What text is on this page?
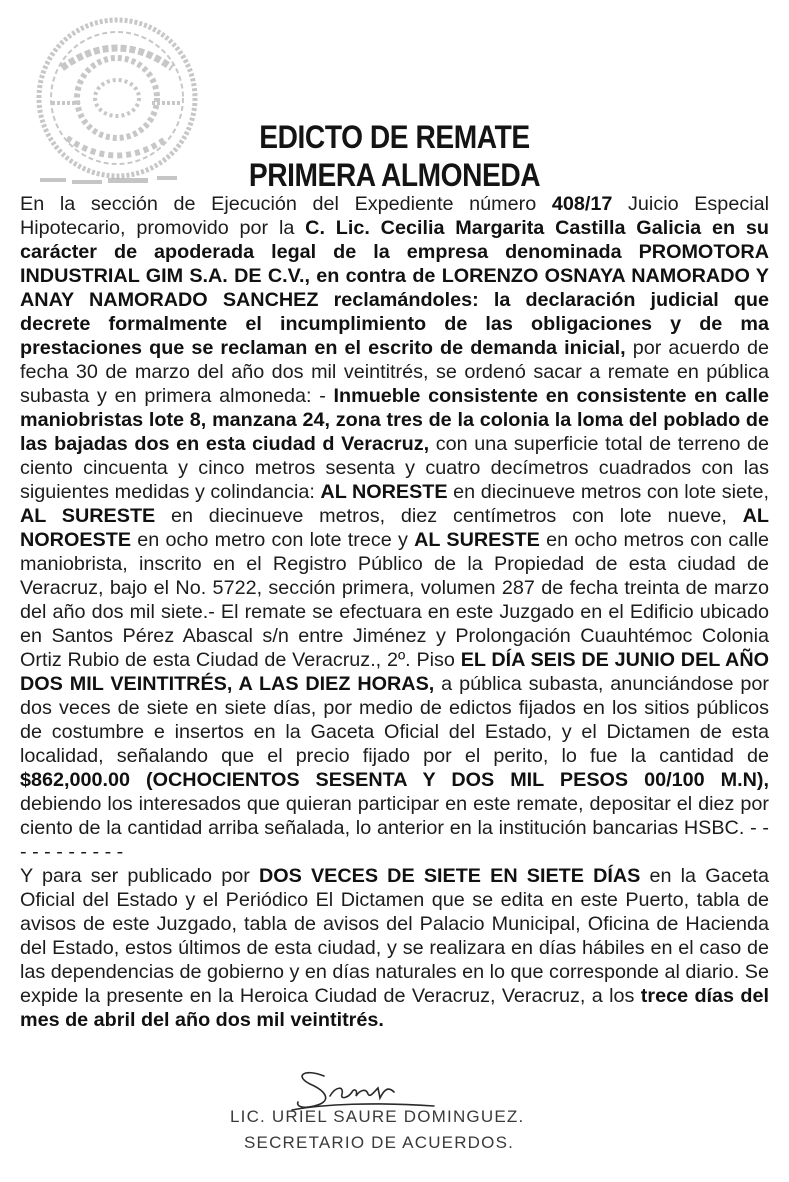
EDICTO DE REMATE
PRIMERA ALMONEDA

En la sección de Ejecución del Expediente número 408/17 Juicio Especial Hipotecario, promovido por la C. Lic. Cecilia Margarita Castilla Galicia en su carácter de apoderada legal de la empresa denominada PROMOTORA INDUSTRIAL GIM S.A. DE C.V., en contra de LORENZO OSNAYA NAMORADO Y ANAY NAMORADO SANCHEZ reclamándoles: la declaración judicial que decrete formalmente el incumplimiento de las obligaciones y de ma prestaciones que se reclaman en el escrito de demanda inicial, por acuerdo de fecha 30 de marzo del año dos mil veintitrés, se ordenó sacar a remate en pública subasta y en primera almoneda: - Inmueble consistente en consistente en calle maniobristas lote 8, manzana 24, zona tres de la colonia la loma del poblado de las bajadas dos en esta ciudad d Veracruz, con una superficie total de terreno de ciento cincuenta y cinco metros sesenta y cuatro decímetros cuadrados con las siguientes medidas y colindancia: AL NORESTE en diecinueve metros con lote siete, AL SURESTE en diecinueve metros, diez centímetros con lote nueve, AL NOROESTE en ocho metro con lote trece y AL SURESTE en ocho metros con calle maniobrista, inscrito en el Registro Público de la Propiedad de esta ciudad de Veracruz, bajo el No. 5722, sección primera, volumen 287 de fecha treinta de marzo del año dos mil siete.- El remate se efectuara en este Juzgado en el Edificio ubicado en Santos Pérez Abascal s/n entre Jiménez y Prolongación Cuauhtémoc Colonia Ortiz Rubio de esta Ciudad de Veracruz., 2º. Piso EL DÍA SEIS DE JUNIO DEL AÑO DOS MIL VEINTITRÉS, A LAS DIEZ HORAS, a pública subasta, anunciándose por dos veces de siete en siete días, por medio de edictos fijados en los sitios públicos de costumbre e insertos en la Gaceta Oficial del Estado, y el Dictamen de esta localidad, señalando que el precio fijado por el perito, lo fue la cantidad de $862,000.00 (OCHOCIENTOS SESENTA Y DOS MIL PESOS 00/100 M.N), debiendo los interesados que quieran participar en este remate, depositar el diez por ciento de la cantidad arriba señalada, lo anterior en la institución bancarias HSBC. - - - - - - - - - - -

Y para ser publicado por DOS VECES DE SIETE EN SIETE DÍAS en la Gaceta Oficial del Estado y el Periódico El Dictamen que se edita en este Puerto, tabla de avisos de este Juzgado, tabla de avisos del Palacio Municipal, Oficina de Hacienda del Estado, estos últimos de esta ciudad, y se realizara en días hábiles en el caso de las dependencias de gobierno y en días naturales en lo que corresponde al diario. Se expide la presente en la Heroica Ciudad de Veracruz, Veracruz, a los trece días del mes de abril del año dos mil veintitrés.

LIC. URIEL SAURE DOMINGUEZ.
SECRETARIO DE ACUERDOS.
